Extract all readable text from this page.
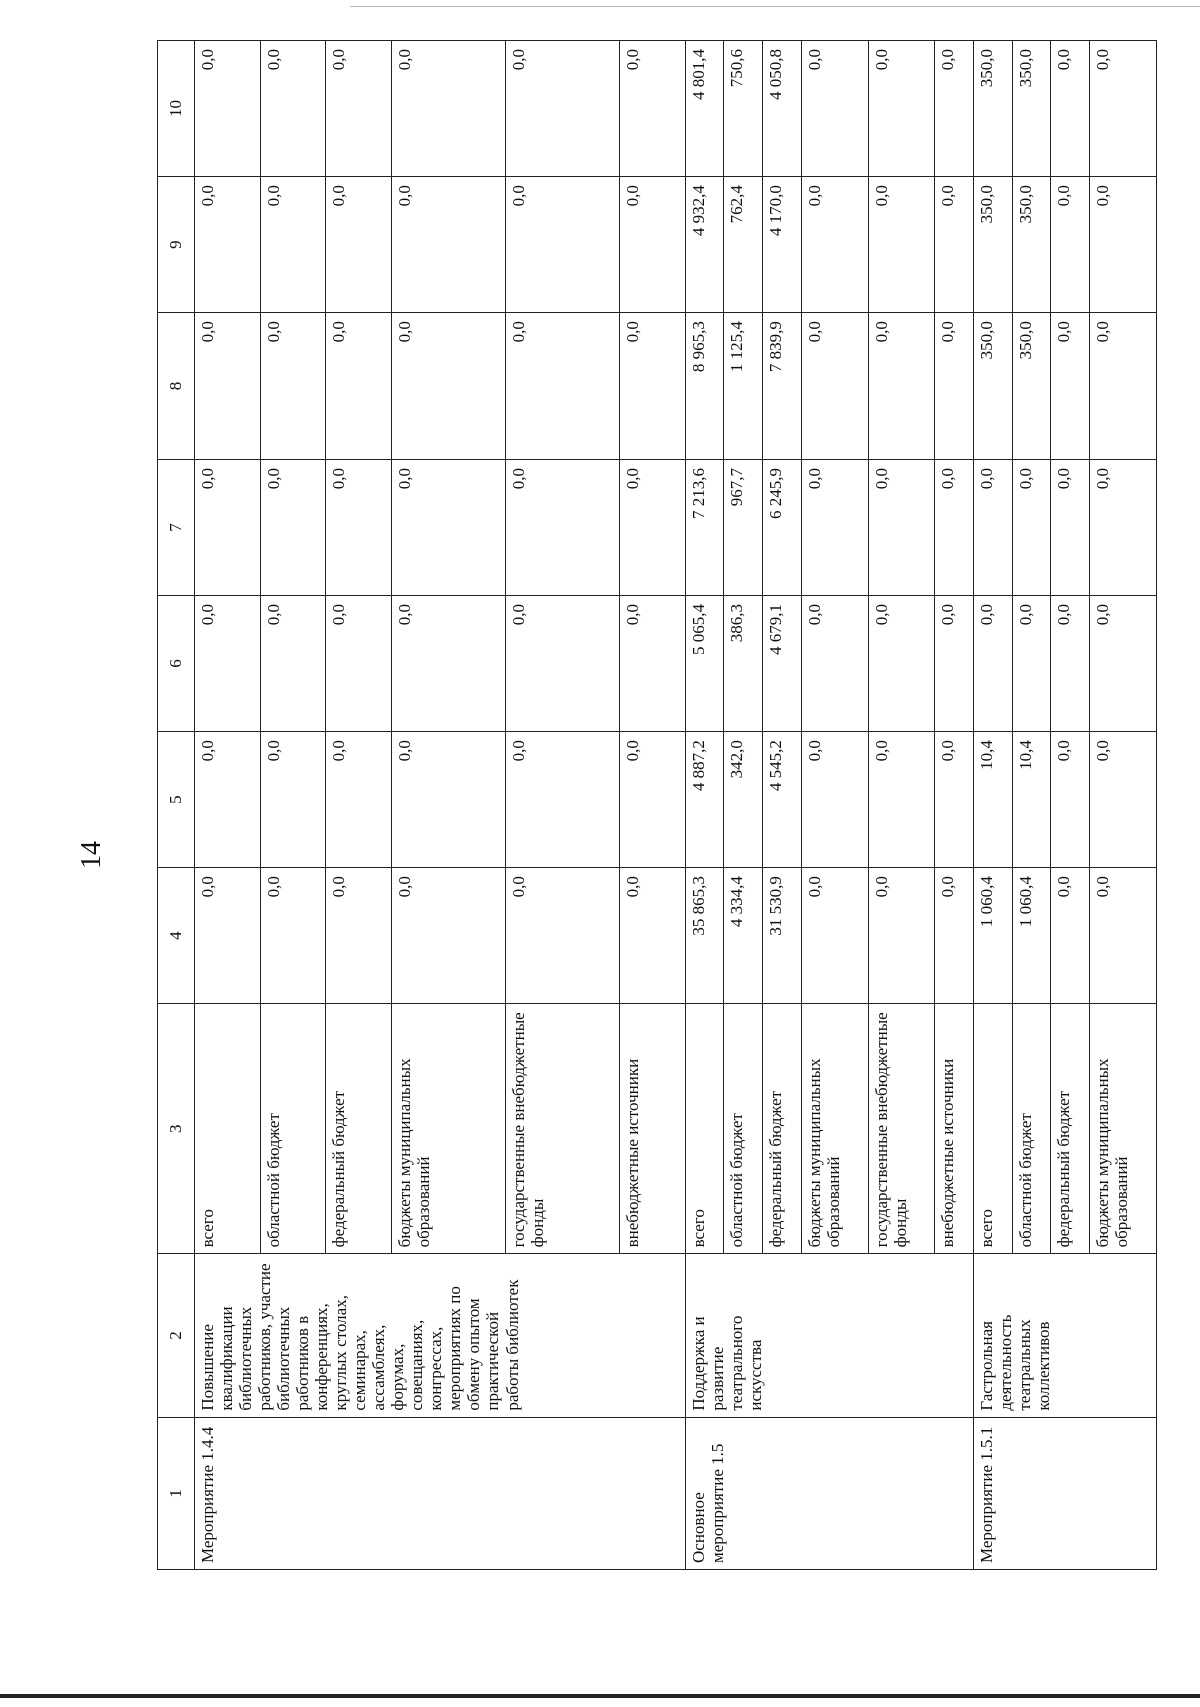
14
1	2	3	4	5	6	7	8	9	10
Мероприятие 1.4.4	Повышение квалификации библиотечных работников, участие библиотечных работников в конференциях, круглых столах, семинарах, ассамблеях, форумах, совещаниях, конгрессах, мероприятиях по обмену опытом практической работы библиотек	всего	0,0	0,0	0,0	0,0	0,0	0,0	0,0
		областной бюджет	0,0	0,0	0,0	0,0	0,0	0,0	0,0
		федеральный бюджет	0,0	0,0	0,0	0,0	0,0	0,0	0,0
		бюджеты муниципальных образований	0,0	0,0	0,0	0,0	0,0	0,0	0,0
		государственные внебюджетные фонды	0,0	0,0	0,0	0,0	0,0	0,0	0,0
		внебюджетные источники	0,0	0,0	0,0	0,0	0,0	0,0	0,0
Основное мероприятие 1.5	Поддержка и развитие театрального искусства	всего	35 865,3	4 887,2	5 065,4	7 213,6	8 965,3	4 932,4	4 801,4
		областной бюджет	4 334,4	342,0	386,3	967,7	1 125,4	762,4	750,6
		федеральный бюджет	31 530,9	4 545,2	4 679,1	6 245,9	7 839,9	4 170,0	4 050,8
		бюджеты муниципальных образований	0,0	0,0	0,0	0,0	0,0	0,0	0,0
		государственные внебюджетные фонды	0,0	0,0	0,0	0,0	0,0	0,0	0,0
		внебюджетные источники	0,0	0,0	0,0	0,0	0,0	0,0	0,0
Мероприятие 1.5.1	Гастрольная деятельность театральных коллективов	всего	1 060,4	10,4	0,0	0,0	350,0	350,0	350,0
		областной бюджет	1 060,4	10,4	0,0	0,0	350,0	350,0	350,0
		федеральный бюджет	0,0	0,0	0,0	0,0	0,0	0,0	0,0
		бюджеты муниципальных образований	0,0	0,0	0,0	0,0	0,0	0,0	0,0
